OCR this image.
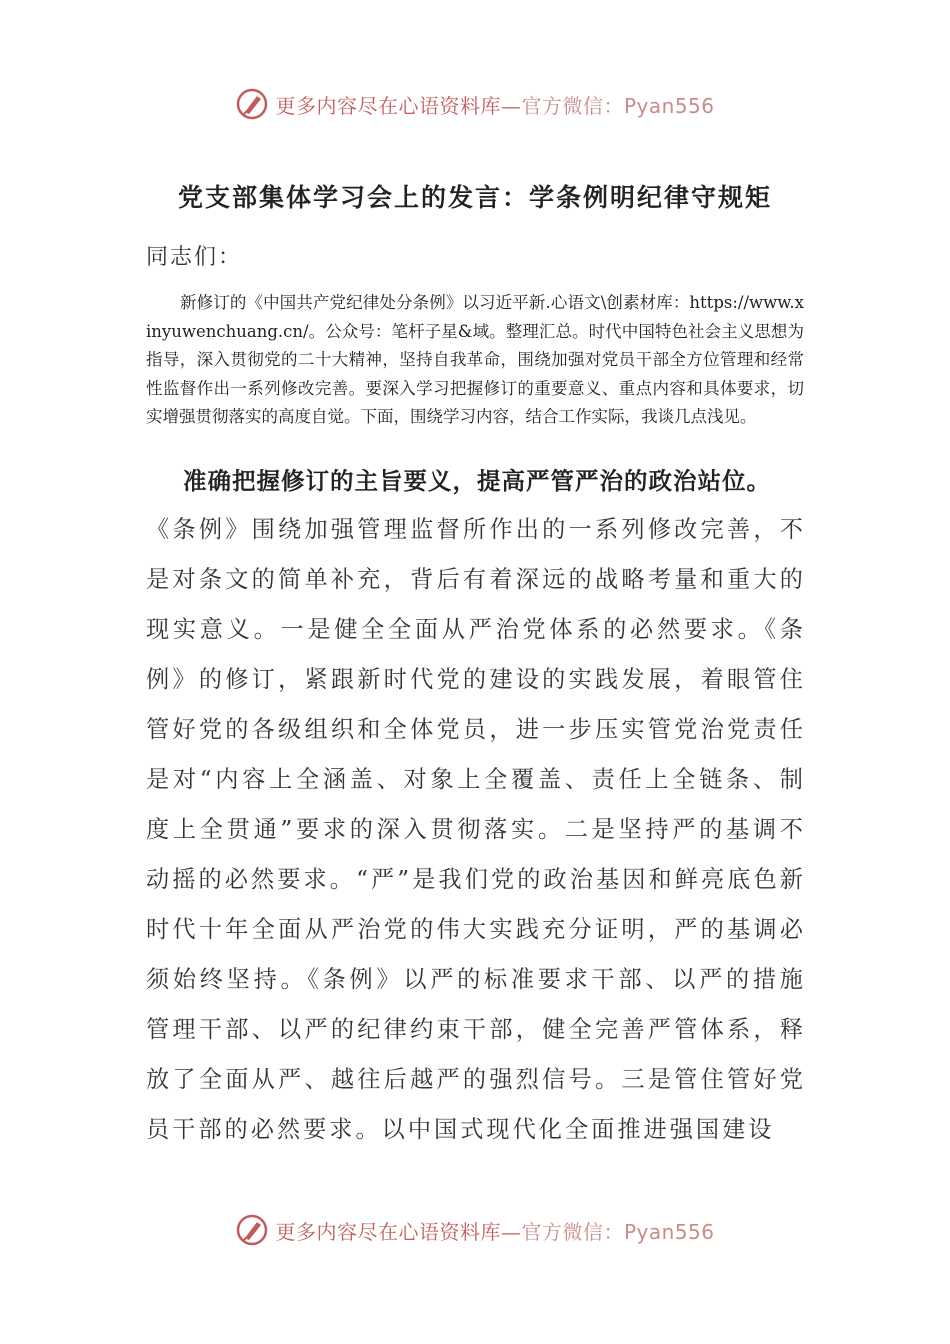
更多内容尽在心语资料库—官方微信：Pyan556
党支部集体学习会上的发言：学条例明纪律守规矩

同志们：

新修订的《中国共产党纪律处分条例》以习近平新.心语文\创素材库：https://www.xinyuwenchuang.cn/。公众号：笔杆子星&域。整理汇总。时代中国特色社会主义思想为指导，深入贯彻党的二十大精神，坚持自我革命，围绕加强对党员干部全方位管理和经常性监督作出一系列修改完善。要深入学习把握修订的重要意义、重点内容和具体要求，切实增强贯彻落实的高度自觉。下面，围绕学习内容，结合工作实际，我谈几点浅见。

准确把握修订的主旨要义，提高严管严治的政治站位。

《条例》围绕加强管理监督所作出的一系列修改完善，不是对条文的简单补充，背后有着深远的战略考量和重大的现实意义。一是健全全面从严治党体系的必然要求。《条例》的修订，紧跟新时代党的建设的实践发展，着眼管住管好党的各级组织和全体党员，进一步压实管党治党责任是对“内容上全涵盖、对象上全覆盖、责任上全链条、制度上全贯通”要求的深入贯彻落实。二是坚持严的基调不动摇的必然要求。“严”是我们党的政治基因和鲜亮底色新时代十年全面从严治党的伟大实践充分证明，严的基调必须始终坚持。《条例》以严的标准要求干部、以严的措施管理干部、以严的纪律约束干部，健全完善严管体系，释放了全面从严、越往后越严的强烈信号。三是管住管好党员干部的必然要求。以中国式现代化全面推进强国建设

更多内容尽在心语资料库—官方微信：Pyan556
